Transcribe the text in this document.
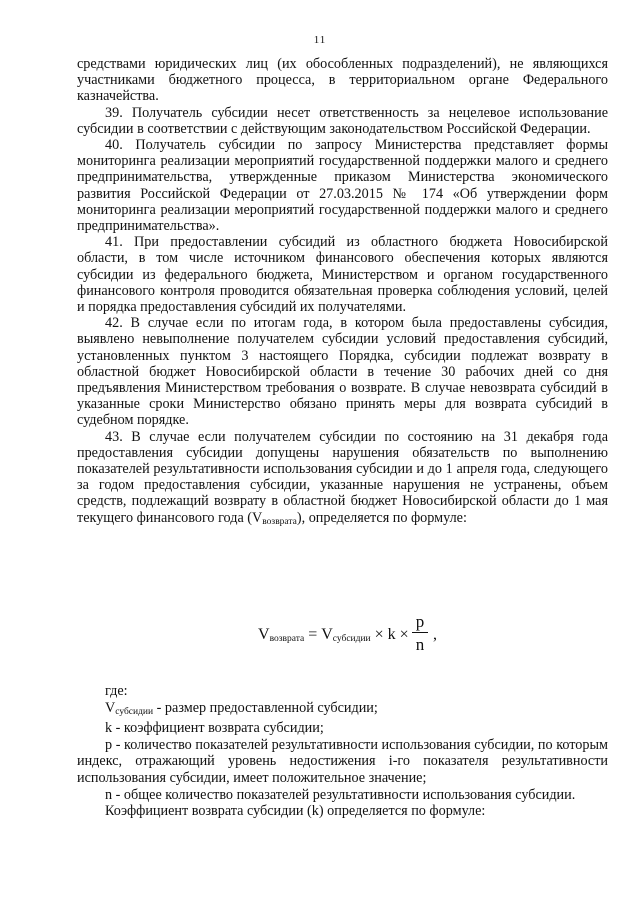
11

средствами юридических лиц (их обособленных подразделений), не являющихся участниками бюджетного процесса, в территориальном органе Федерального казначейства.

39. Получатель субсидии несет ответственность за нецелевое использование субсидии в соответствии с действующим законодательством Российской Федерации.

40. Получатель субсидии по запросу Министерства представляет формы мониторинга реализации мероприятий государственной поддержки малого и среднего предпринимательства, утвержденные приказом Министерства экономического развития Российской Федерации от 27.03.2015 № 174 «Об утверждении форм мониторинга реализации мероприятий государственной поддержки малого и среднего предпринимательства».

41. При предоставлении субсидий из областного бюджета Новосибирской области, в том числе источником финансового обеспечения которых являются субсидии из федерального бюджета, Министерством и органом государственного финансового контроля проводится обязательная проверка соблюдения условий, целей и порядка предоставления субсидий их получателями.

42. В случае если по итогам года, в котором была предоставлены субсидия, выявлено невыполнение получателем субсидии условий предоставления субсидий, установленных пунктом 3 настоящего Порядка, субсидии подлежат возврату в областной бюджет Новосибирской области в течение 30 рабочих дней со дня предъявления Министерством требования о возврате. В случае невозврата субсидий в указанные сроки Министерство обязано принять меры для возврата субсидий в судебном порядке.

43. В случае если получателем субсидии по состоянию на 31 декабря года предоставления субсидии допущены нарушения обязательств по выполнению показателей результативности использования субсидии и до 1 апреля года, следующего за годом предоставления субсидии, указанные нарушения не устранены, объем средств, подлежащий возврату в областной бюджет Новосибирской области до 1 мая текущего финансового года $(V_{возврата})$, определяется по формуле:

$V_{возврата} = V_{субсидии} \times k$ ×
p
n
,

где:

$V_{субсидии}$ - размер предоставленной субсидии;

k - коэффициент возврата субсидии;

p - количество показателей результативности использования субсидии, по которым индекс, отражающий уровень недостижения i-го показателя результативности использования субсидии, имеет положительное значение;

n - общее количество показателей результативности использования субсидии.

Коэффициент возврата субсидии (k) определяется по формуле:
